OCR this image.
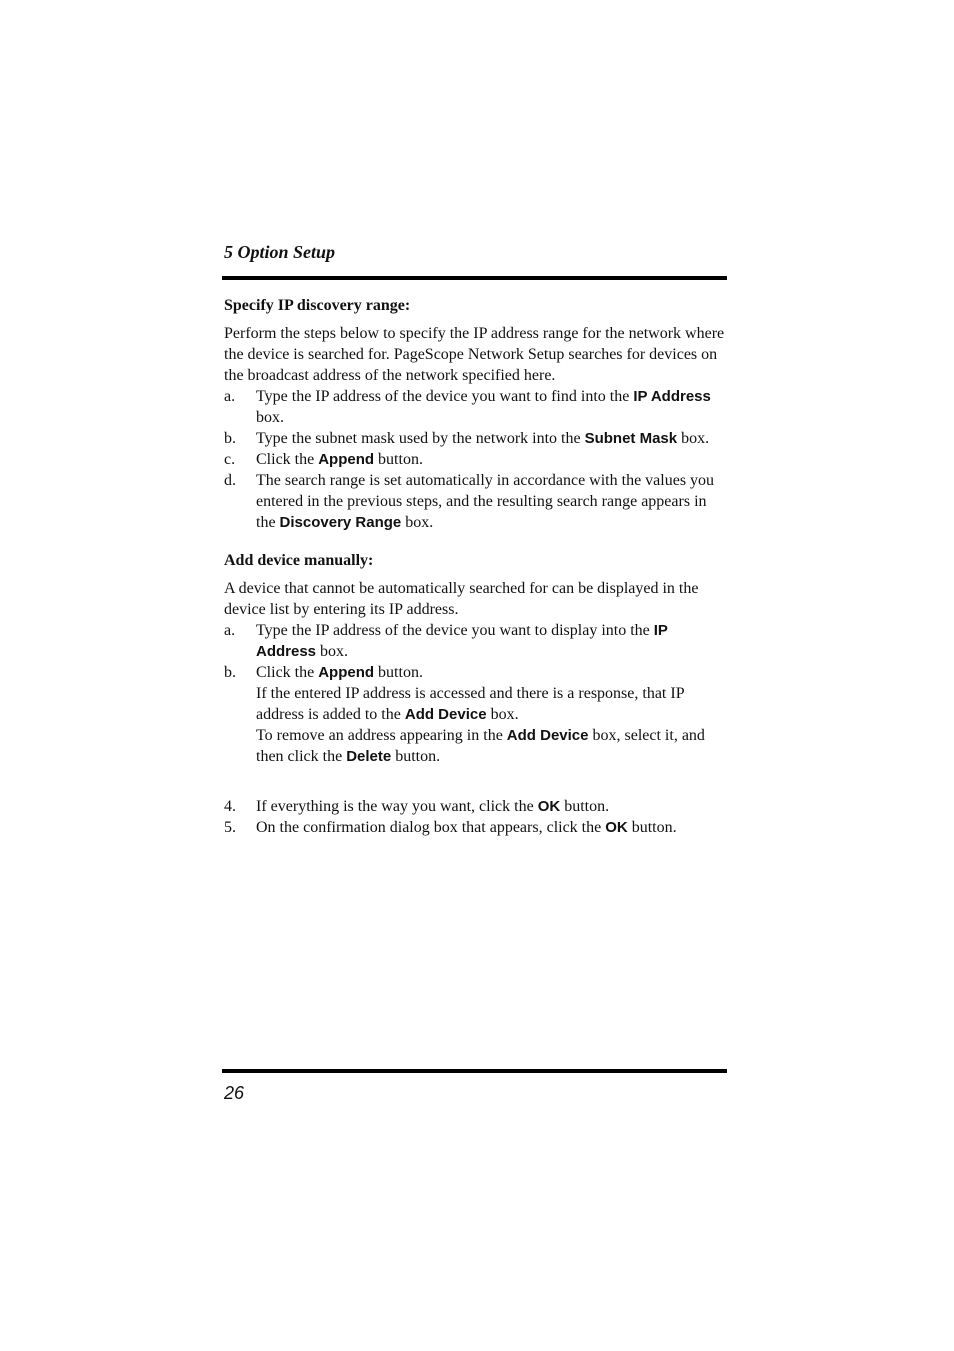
5 Option Setup
Specify IP discovery range:

Perform the steps below to specify the IP address range for the network where the device is searched for. PageScope Network Setup searches for devices on the broadcast address of the network specified here.

a.	Type the IP address of the device you want to find into the IP Address box.
b.	Type the subnet mask used by the network into the Subnet Mask box.
c.	Click the Append button.
d.	The search range is set automatically in accordance with the values you entered in the previous steps, and the resulting search range appears in the Discovery Range box.
Add device manually:

A device that cannot be automatically searched for can be displayed in the device list by entering its IP address.

a.	Type the IP address of the device you want to display into the IP Address box.
b.	Click the Append button.
If the entered IP address is accessed and there is a response, that IP address is added to the Add Device box.
To remove an address appearing in the Add Device box, select it, and then click the Delete button.
4.	If everything is the way you want, click the OK button.
5.	On the confirmation dialog box that appears, click the OK button.
26
